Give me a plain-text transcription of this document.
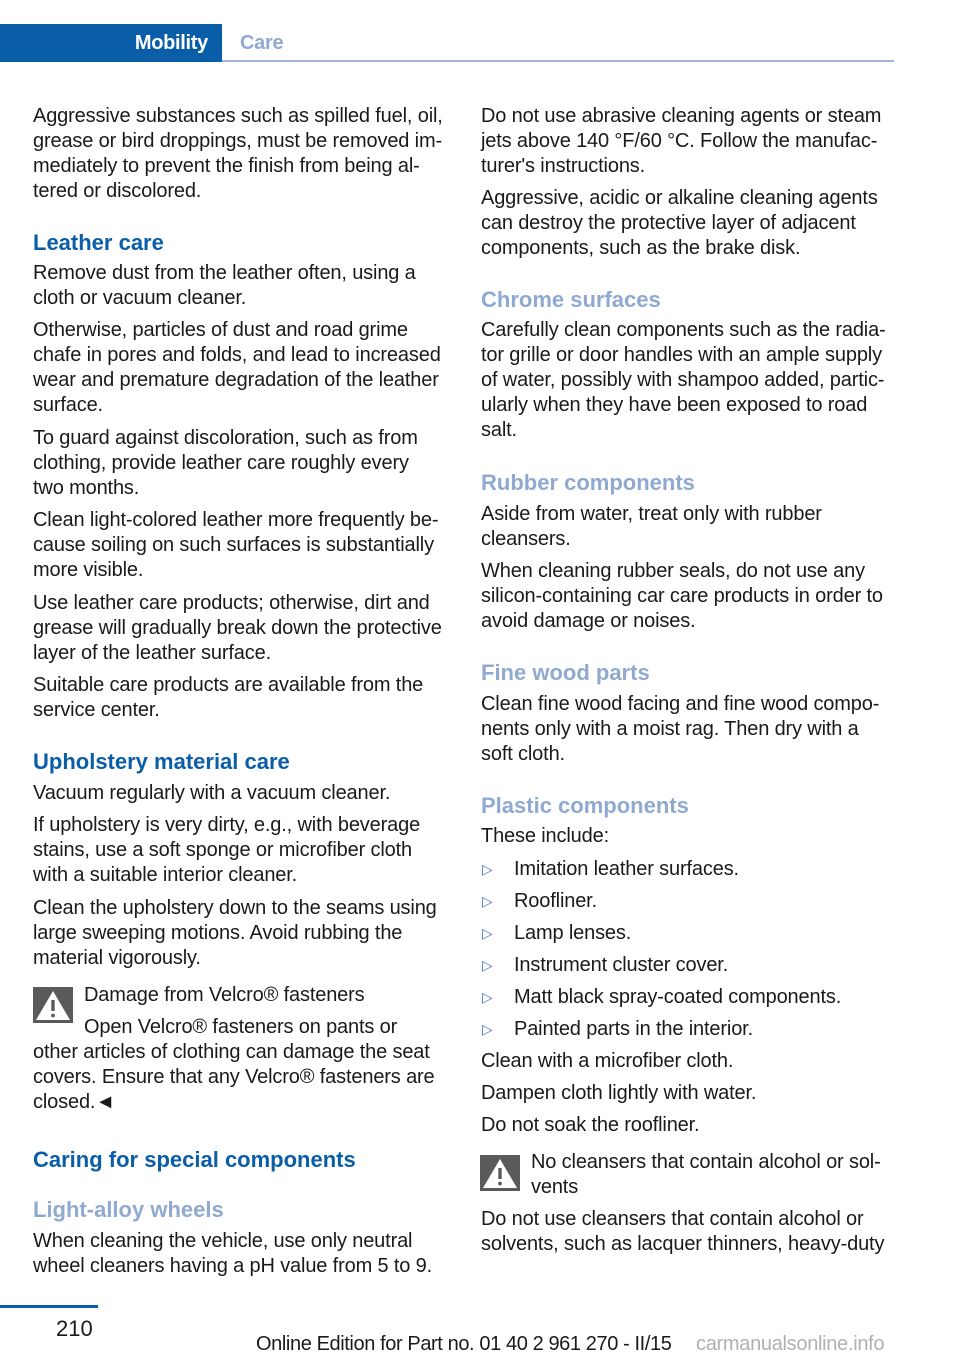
Mobility	Care
Aggressive substances such as spilled fuel, oil,
grease or bird droppings, must be removed im-
mediately to prevent the finish from being al-
tered or discolored.
Leather care
Remove dust from the leather often, using a
cloth or vacuum cleaner.
Otherwise, particles of dust and road grime
chafe in pores and folds, and lead to increased
wear and premature degradation of the leather
surface.
To guard against discoloration, such as from
clothing, provide leather care roughly every
two months.
Clean light-colored leather more frequently be-
cause soiling on such surfaces is substantially
more visible.
Use leather care products; otherwise, dirt and
grease will gradually break down the protective
layer of the leather surface.
Suitable care products are available from the
service center.
Upholstery material care
Vacuum regularly with a vacuum cleaner.
If upholstery is very dirty, e.g., with beverage
stains, use a soft sponge or microfiber cloth
with a suitable interior cleaner.
Clean the upholstery down to the seams using
large sweeping motions. Avoid rubbing the
material vigorously.
Damage from Velcro® fasteners
Open Velcro® fasteners on pants or
other articles of clothing can damage the seat
covers. Ensure that any Velcro® fasteners are
closed.◄
Caring for special components
Light-alloy wheels
When cleaning the vehicle, use only neutral
wheel cleaners having a pH value from 5 to 9.
Do not use abrasive cleaning agents or steam
jets above 140 °F/60 °C. Follow the manufac-
turer's instructions.
Aggressive, acidic or alkaline cleaning agents
can destroy the protective layer of adjacent
components, such as the brake disk.
Chrome surfaces
Carefully clean components such as the radia-
tor grille or door handles with an ample supply
of water, possibly with shampoo added, partic-
ularly when they have been exposed to road
salt.
Rubber components
Aside from water, treat only with rubber
cleansers.
When cleaning rubber seals, do not use any
silicon-containing car care products in order to
avoid damage or noises.
Fine wood parts
Clean fine wood facing and fine wood compo-
nents only with a moist rag. Then dry with a
soft cloth.
Plastic components
These include:
▷ Imitation leather surfaces.
▷ Roofliner.
▷ Lamp lenses.
▷ Instrument cluster cover.
▷ Matt black spray-coated components.
▷ Painted parts in the interior.
Clean with a microfiber cloth.
Dampen cloth lightly with water.
Do not soak the roofliner.
No cleansers that contain alcohol or sol-
vents
Do not use cleansers that contain alcohol or
solvents, such as lacquer thinners, heavy-duty
210
Online Edition for Part no. 01 40 2 961 270 - II/15 carmanualsonline.info
